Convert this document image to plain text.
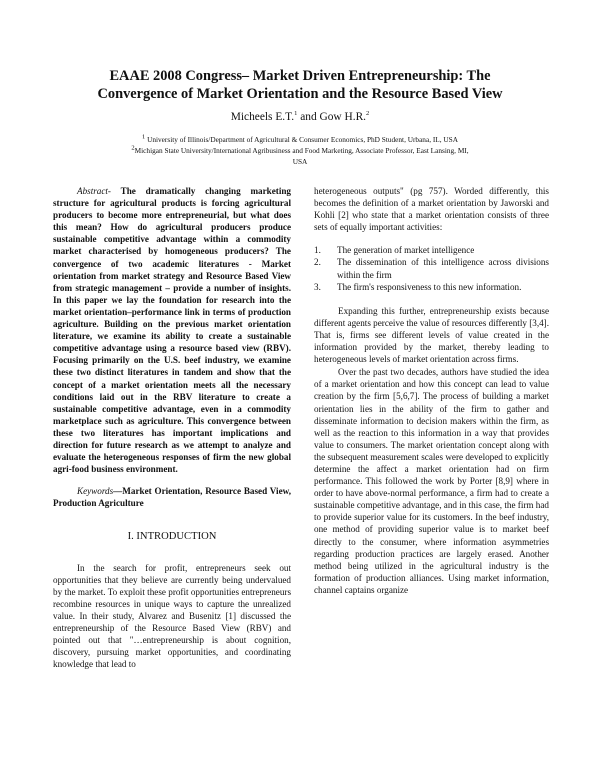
EAAE 2008 Congress– Market Driven Entrepreneurship: The
Convergence of Market Orientation and the Resource Based View
Micheels E.T.$^1$ and Gow H.R.$^2$
$^1$ University of Illinois/Department of Agricultural & Consumer Economics, PhD Student, Urbana, IL, USA
$^2$Michigan State University/International Agribusiness and Food Marketing, Associate Professor, East Lansing, MI,
USA

Abstract- The dramatically changing marketing structure for agricultural products is forcing agricultural producers to become more entrepreneurial, but what does this mean? How do agricultural producers produce sustainable competitive advantage within a commodity market characterised by homogeneous producers? The convergence of two academic literatures - Market orientation from market strategy and Resource Based View from strategic management – provide a number of insights. In this paper we lay the foundation for research into the market orientation–performance link in terms of production agriculture. Building on the previous market orientation literature, we examine its ability to create a sustainable competitive advantage using a resource based view (RBV). Focusing primarily on the U.S. beef industry, we examine these two distinct literatures in tandem and show that the concept of a market orientation meets all the necessary conditions laid out in the RBV literature to create a sustainable competitive advantage, even in a commodity marketplace such as agriculture. This convergence between these two literatures has important implications and direction for future research as we attempt to analyze and evaluate the heterogeneous responses of firm the new global agri-food business environment.

Keywords—Market Orientation, Resource Based View, Production Agriculture

I. INTRODUCTION

In the search for profit, entrepreneurs seek out opportunities that they believe are currently being undervalued by the market. To exploit these profit opportunities entrepreneurs recombine resources in unique ways to capture the unrealized value. In their study, Alvarez and Busenitz [1] discussed the entrepreneurship of the Resource Based View (RBV) and pointed out that "…entrepreneurship is about cognition, discovery, pursuing market opportunities, and coordinating knowledge that lead to

heterogeneous outputs" (pg 757). Worded differently, this becomes the definition of a market orientation by Jaworski and Kohli [2] who state that a market orientation consists of three sets of equally important activities:

1. The generation of market intelligence
2. The dissemination of this intelligence across divisions within the firm
3. The firm's responsiveness to this new information.

Expanding this further, entrepreneurship exists because different agents perceive the value of resources differently [3,4]. That is, firms see different levels of value created in the information provided by the market, thereby leading to heterogeneous levels of market orientation across firms.

Over the past two decades, authors have studied the idea of a market orientation and how this concept can lead to value creation by the firm [5,6,7]. The process of building a market orientation lies in the ability of the firm to gather and disseminate information to decision makers within the firm, as well as the reaction to this information in a way that provides value to consumers. The market orientation concept along with the subsequent measurement scales were developed to explicitly determine the affect a market orientation had on firm performance. This followed the work by Porter [8,9] where in order to have above-normal performance, a firm had to create a sustainable competitive advantage, and in this case, the firm had to provide superior value for its customers. In the beef industry, one method of providing superior value is to market beef directly to the consumer, where information asymmetries regarding production practices are largely erased. Another method being utilized in the agricultural industry is the formation of production alliances. Using market information, channel captains organize
